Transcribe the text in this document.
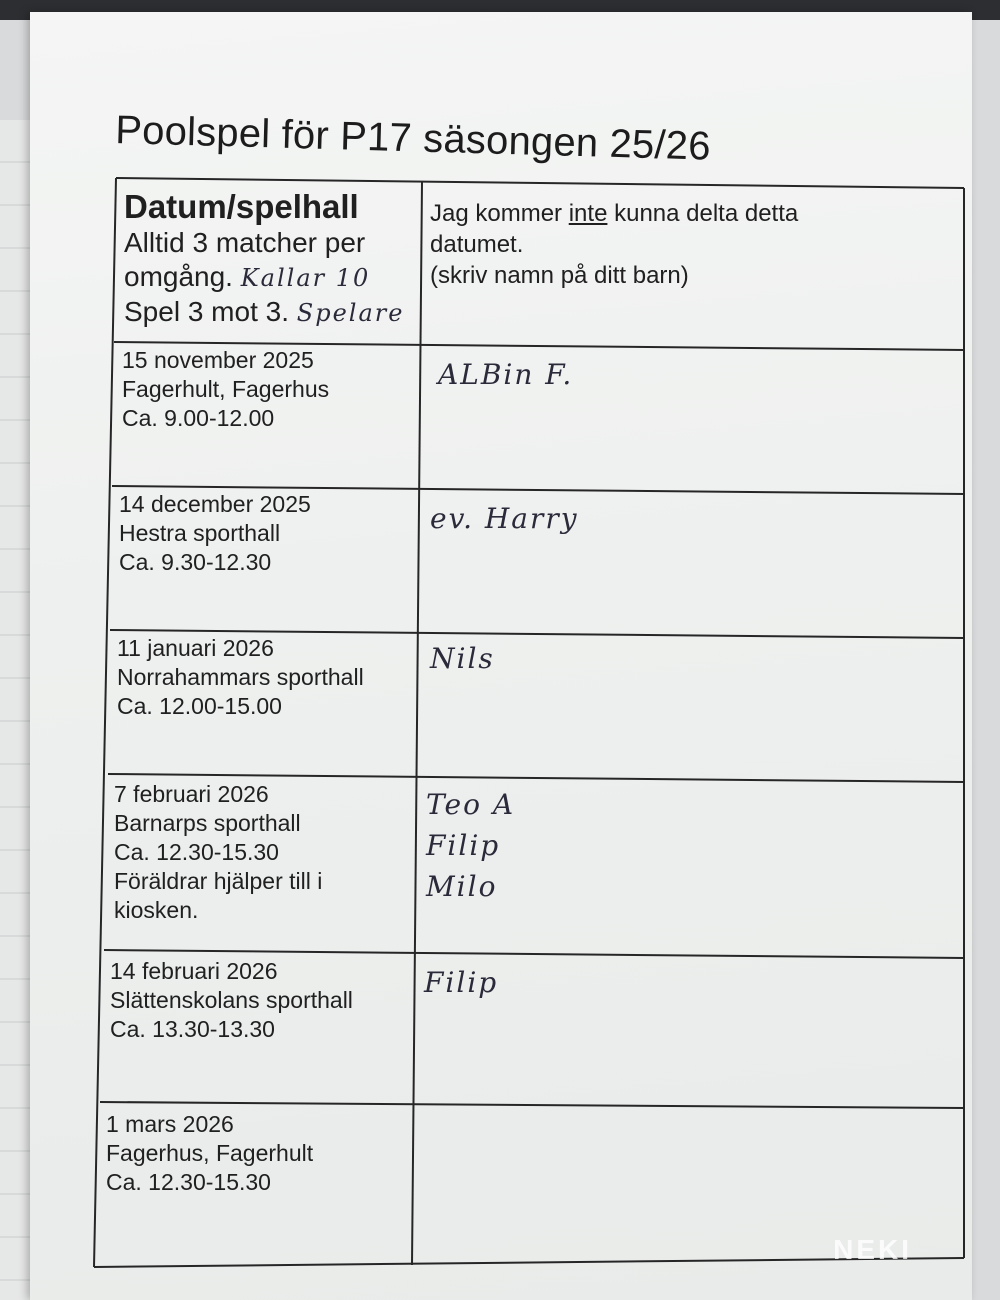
Poolspel för P17 säsongen 25/26
Datum/spelhall
Alltid 3 matcher per
omgång. Kallar 10
Spel 3 mot 3. Spelare
Jag kommer inte kunna delta detta
datumet.
(skriv namn på ditt barn)
15 november 2025
Fagerhult, Fagerhus
Ca. 9.00-12.00
ALBin F.
14 december 2025
Hestra sporthall
Ca. 9.30-12.30
ev. Harry
11 januari 2026
Norrahammars sporthall
Ca. 12.00-15.00
Nils
7 februari 2026
Barnarps sporthall
Ca. 12.30-15.30
Föräldrar hjälper till i
kiosken.
Teo A
Filip
Milo
14 februari 2026
Slättenskolans sporthall
Ca. 13.30-13.30
Filip
1 mars 2026
Fagerhus, Fagerhult
Ca. 12.30-15.30
NEKI
